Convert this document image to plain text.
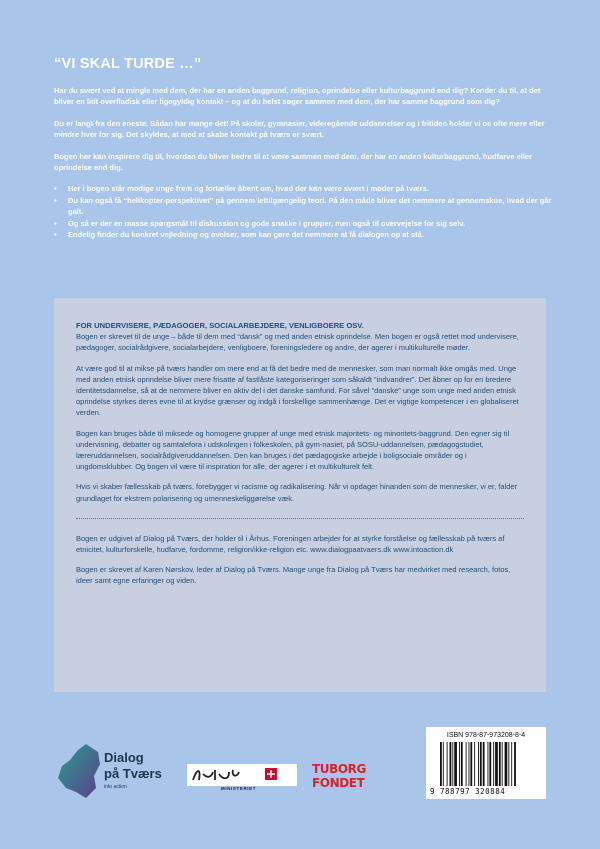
“VI SKAL TURDE …”

Har du svært ved at mingle med dem, der har en anden baggrund, religion, oprindelse eller kulturbaggrund end dig? Kender du til, at det bliver en lidt overfladisk eller ligegyldig kontakt – og at du helst søger sammen med dem, der har samme baggrund som dig?

Du er langt fra den eneste. Sådan har mange det! På skoler, gymnasier, videregående uddannelser og i fritiden holder vi os ofte mere eller mindre hver for sig. Det skyldes, at med at skabe kontakt på tværs er svært.

Bogen her kan inspirere dig til, hvordan du bliver bedre til at være sammen med dem, der har en anden kulturbaggrund, hudfarve eller oprindelse end dig.

• Her i bogen står modige unge frem og fortæller åbent om, hvad der kan være svært i møder på tværs.
• Du kan også få “helikopter-perspektivet” på gennem lettilgængelig teori. På den måde bliver det nemmere at gennemskue, hvad der går galt.
• Og så er der en masse spørgsmål til diskussion og gode snakke i grupper, men også til overvejelse for sig selv.
• Endelig finder du konkret vejledning og øvelser, som kan gøre det nemmere at få dialogen op at stå.
FOR UNDERVISERE, PÆDAGOGER, SOCIALARBEJDERE, VENLIGBOERE OSV.

Bogen er skrevet til de unge – både til dem med “dansk” og med anden etnisk oprindelse. Men bogen er også rettet mod undervisere, pædagoger, socialrådgivere, socialarbejdere, venligboere, foreningsledere og andre, der agerer i multikulturelle møder.

At være god til at mikse på tværs handler om mere end at få det bedre med de mennesker, som man normalt ikke omgås med. Unge med anden etnisk oprindelse bliver mere frisatte af fastlåste kategoriseringer som såkaldt “indvandrer”. Det åbner op for en bredere identitetsdannelse, så at de nemmere bliver en aktiv del i det danske samfund. For såvel “danske” unge som unge med anden etnisk oprindelse styrkes deres evne til at krydse grænser og indgå i forskellige sammenhænge. Det er vigtige kompetencer i en globaliseret verden.

Bogen kan bruges både til miksede og homogene grupper af unge med etnisk majoritets- og minoritets-baggrund. Den egner sig til undervisning, debatter og samtalefora i udskolingen i folkeskolen, på gym-nasiet, på SOSU-uddannelsen, pædagogstudiet, læreruddannelsen, socialrådgiveruddannelsen. Den kan bruges i det pædagogiske arbejde i boligsociale områder og i ungdomsklubber. Og bogen vil være til inspiration for alle, der agerer i et multikulturelt felt.

Hvis vi skaber fællesskab på tværs, forebygger vi racisme og radikalisering. Når vi opdager hinanden som de mennesker, vi er, falder grundlaget for ekstrem polarisering og umenneskeliggørelse væk.

Bogen er udgivet af Dialog på Tværs, der holder til i Århus. Foreningen arbejder for at styrke forståelse og fællesskab på tværs af etnicitet, kulturforskelle, hudfarve, fordomme, religion/ikke-religion etc. www.dialogpaatvaers.dk www.intoaction.dk

Bogen er skrevet af Karen Nørskov, leder af Dialog på Tværs. Mange unge fra Dialog på Tværs har medvirket med research, fotos, ideer samt egne erfaringer og viden.

Dialog
på Tværs
into action	MINISTERIET
TUBORG
FONDET
ISBN 978-87-973208-8-4
9 788797 320884
